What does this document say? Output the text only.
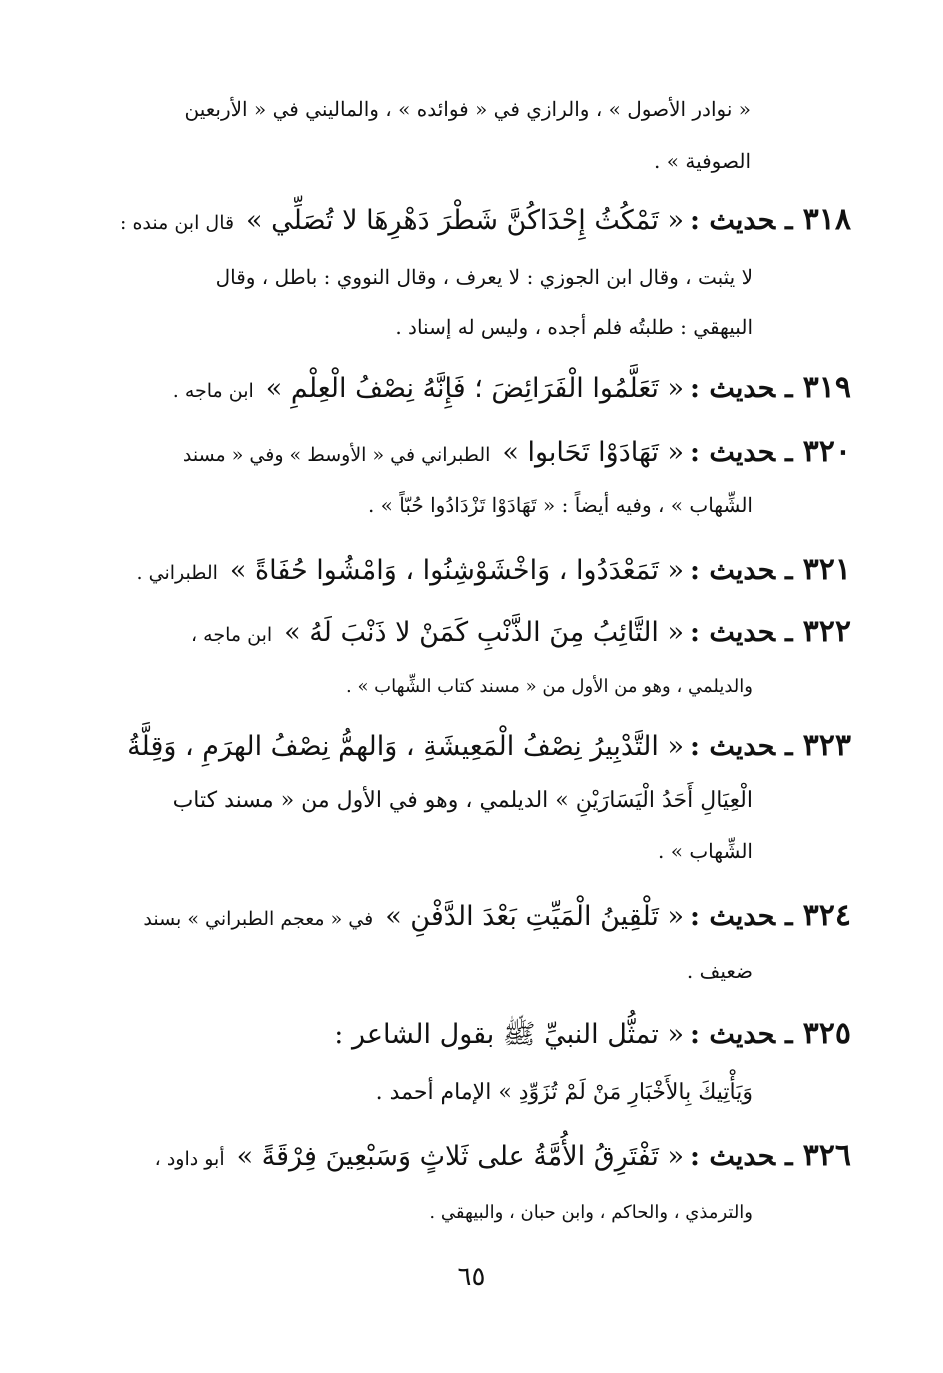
« نوادر الأصول » ، والرازي في « فوائده » ، والماليني في « الأربعين
الصوفية » .
٣١٨ـحديث :« تَمْكُثُ إِحْدَاكُنَّ شَطْرَ دَهْرِهَا لا تُصَلِّي » قال ابن منده :
لا يثبت ، وقال ابن الجوزي : لا يعرف ، وقال النووي : باطل ، وقال
البيهقي : طلبتُه فلم أجده ، وليس له إسناد .
٣١٩ـحديث :« تَعَلَّمُوا الْفَرَائِضَ ؛ فَإِنَّهُ نِصْفُ الْعِلْمِ » ابن ماجه .
٣٢٠ـحديث :« تَهَادَوْا تَحَابوا » الطبراني في « الأوسط » وفي « مسند
الشِّهاب » ، وفيه أيضاً : « تَهَادَوْا تَزْدَادُوا حُبّاً » .
٣٢١ـحديث :« تَمَعْدَدُوا ، وَاخْشَوْشِنُوا ، وَامْشُوا حُفَاةً » الطبراني .
٣٢٢ـحديث :« التَّائِبُ مِنَ الذَّنْبِ كَمَنْ لا ذَنْبَ لَهُ » ابن ماجه ،
والديلمي ، وهو من الأول من « مسند كتاب الشِّهاب » .
٣٢٣ـحديث :« التَّدْبِيرُ نِصْفُ الْمَعِيشَةِ ، وَالهمُّ نِصْفُ الهرَمِ ، وَقِلَّةُ
الْعِيَالِ أَحَدُ الْيَسَارَيْنِ » الديلمي ، وهو في الأول من « مسند كتاب
الشِّهاب » .
٣٢٤ـحديث :« تَلْقِينُ الْمَيِّتِ بَعْدَ الدَّفْنِ » في « معجم الطبراني » بسند
ضعيف .
٣٢٥ـحديث :« تمثُّل النبيِّ ﷺ بقول الشاعر :
وَيَأْتِيكَ بِالأَخْبَارِ مَنْ لَمْ تُزَوِّدِ » الإمام أحمد .
٣٢٦ـحديث :« تَفْتَرِقُ الأُمَّةُ على ثَلاثٍ وَسَبْعِينَ فِرْقَةً » أبو داود ،
والترمذي ، والحاكم ، وابن حبان ، والبيهقي .
٦٥
